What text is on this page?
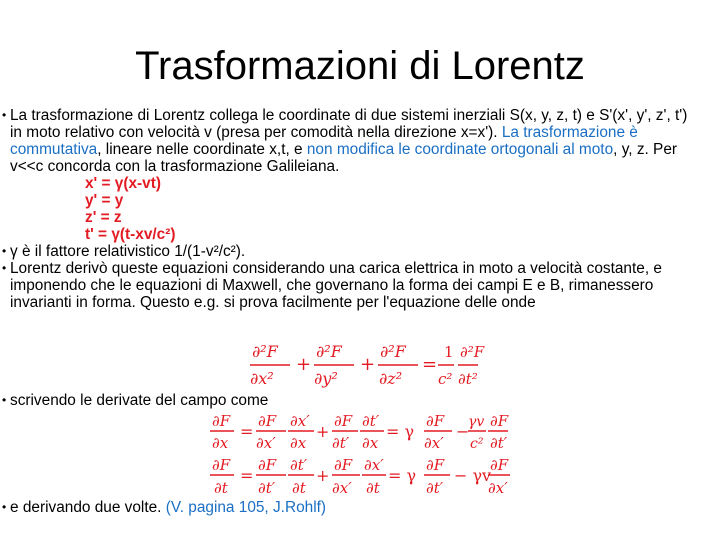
Trasformazioni di Lorentz
• La trasformazione di Lorentz collega le coordinate di due sistemi inerziali S(x, y, z, t) e S'(x', y', z', t') in moto relativo con velocità v (presa per comodità nella direzione x=x'). La trasformazione è commutativa, lineare nelle coordinate x,t, e non modifica le coordinate ortogonali al moto, y, z. Per v<<c concorda con la trasformazione Galileiana.
x' = γ(x-vt)
y' = y
z' = z
t' = γ(t-xv/c²)
• γ è il fattore relativistico 1/(1-v²/c²).
• Lorentz derivò queste equazioni considerando una carica elettrica in moto a velocità costante, e imponendo che le equazioni di Maxwell, che governano la forma dei campi E e B, rimanessero invarianti in forma. Questo e.g. si prova facilmente per l'equazione delle onde
∂²F
∂x²
+
∂²F
∂y²
+
∂²F
∂z²
=
1
c²
∂²F
∂t²
• scrivendo le derivate del campo come
∂F
∂x
=
∂F
∂x′
∂x′
∂x
+
∂F
∂t′
∂t′
∂x
= γ
∂F
∂x′
−
γv
c²
∂F
∂t′
∂F
∂t
=
∂F
∂t′
∂t′
∂t
+
∂F
∂x′
∂x′
∂t
= γ
∂F
∂t′
− γv
∂F
∂x′
• e derivando due volte. (V. pagina 105, J.Rohlf)
